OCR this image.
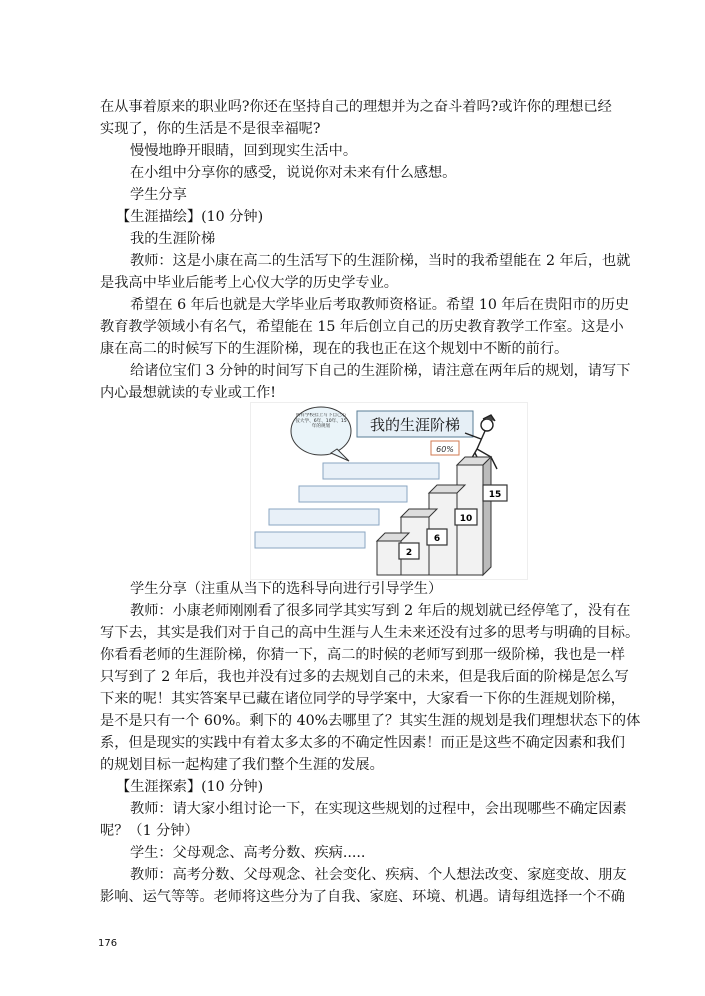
在从事着原来的职业吗?你还在坚持自己的理想并为之奋斗着吗?或许你的理想已经
实现了，你的生活是不是很幸福呢?
慢慢地睁开眼睛，回到现实生活中。
在小组中分享你的感受，说说你对未来有什么感想。
学生分享
【生涯描绘】(10 分钟)
我的生涯阶梯
教师：这是小康在高二的生活写下的生涯阶梯，当时的我希望能在 2 年后，也就
是我高中毕业后能考上心仪大学的历史学专业。
希望在 6 年后也就是大学毕业后考取教师资格证。希望 10 年后在贵阳市的历史
教育教学领域小有名气，希望能在 15 年后创立自己的历史教育教学工作室。这是小
康在高二的时候写下的生涯阶梯，现在的我也正在这个规划中不断的前行。
给诸位宝们 3 分钟的时间写下自己的生涯阶梯，请注意在两年后的规划，请写下
内心最想就读的专业或工作!
所有学校挂上写下自己心仪大学、6年、10年、15年的规划	我的生涯阶梯
60%
15
10
6
2
学生分享（注重从当下的选科导向进行引导学生）
教师：小康老师刚刚看了很多同学其实写到 2 年后的规划就已经停笔了，没有在
写下去，其实是我们对于自己的高中生涯与人生未来还没有过多的思考与明确的目标。
你看看老师的生涯阶梯，你猜一下，高二的时候的老师写到那一级阶梯，我也是一样
只写到了 2 年后，我也并没有过多的去规划自己的未来，但是我后面的阶梯是怎么写
下来的呢！其实答案早已藏在诸位同学的导学案中，大家看一下你的生涯规划阶梯，
是不是只有一个 60%。剩下的 40%去哪里了？其实生涯的规划是我们理想状态下的体
系，但是现实的实践中有着太多太多的不确定性因素！而正是这些不确定因素和我们
的规划目标一起构建了我们整个生涯的发展。
【生涯探索】(10 分钟)
教师：请大家小组讨论一下，在实现这些规划的过程中，会出现哪些不确定因素
呢？（1 分钟）
学生：父母观念、高考分数、疾病.....
教师：高考分数、父母观念、社会变化、疾病、个人想法改变、家庭变故、朋友
影响、运气等等。老师将这些分为了自我、家庭、环境、机遇。请每组选择一个不确
176
